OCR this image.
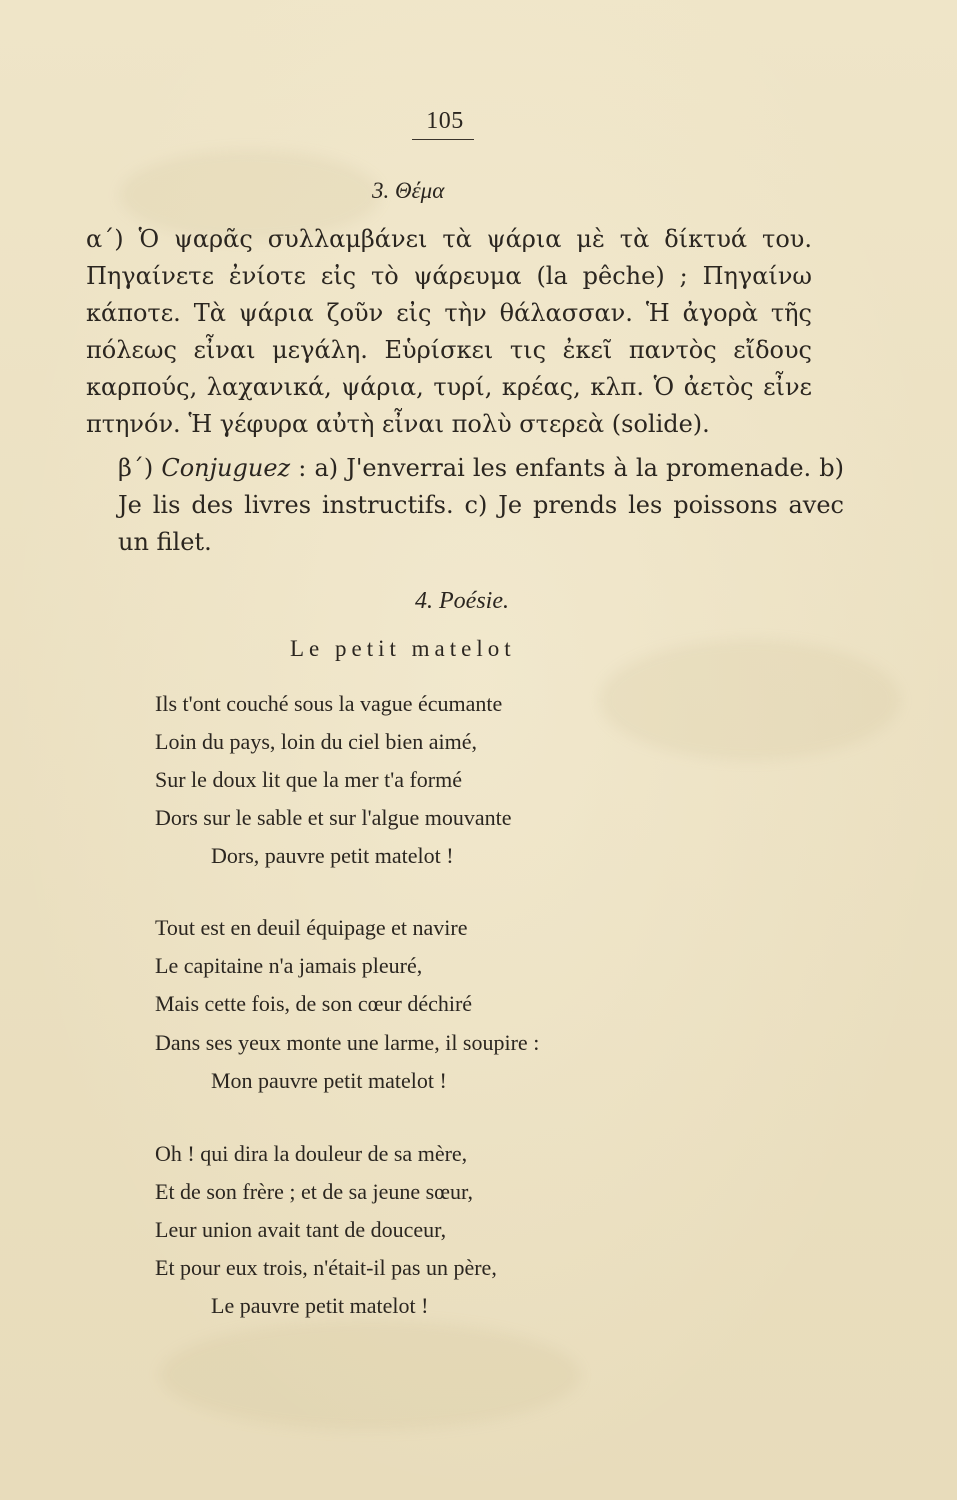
105
3. Θέμα

α΄) Ὁ ψαρᾶς συλλαμβάνει τὰ ψάρια μὲ τὰ δίκτυά του. Πηγαίνετε ἐνίοτε εἰς τὸ ψάρευμα (la pêche) ; Πηγαίνω κάποτε. Τὰ ψάρια ζοῦν εἰς τὴν θάλασσαν. Ἡ ἀγορὰ τῆς πόλεως εἶναι μεγάλη. Εὑρίσκει τις ἐκεῖ παντὸς εἴδους καρπούς, λαχανικά, ψάρια, τυρί, κρέας, κλπ. Ὁ ἀετὸς εἶνε πτηνόν. Ἡ γέφυρα αὐτὴ εἶναι πολὺ στερεὰ (solide).

β΄) Conjuguez : a) J'enverrai les enfants à la promenade. b) Je lis des livres instructifs. c) Je prends les poissons avec un filet.

4. Poésie.
Le petit matelot
Ils t'ont couché sous la vague écumante
Loin du pays, loin du ciel bien aimé,
Sur le doux lit que la mer t'a formé
Dors sur le sable et sur l'algue mouvante
Dors, pauvre petit matelot !
Tout est en deuil équipage et navire
Le capitaine n'a jamais pleuré,
Mais cette fois, de son cœur déchiré
Dans ses yeux monte une larme, il soupire :
Mon pauvre petit matelot !
Oh ! qui dira la douleur de sa mère,
Et de son frère ; et de sa jeune sœur,
Leur union avait tant de douceur,
Et pour eux trois, n'était-il pas un père,
Le pauvre petit matelot !
